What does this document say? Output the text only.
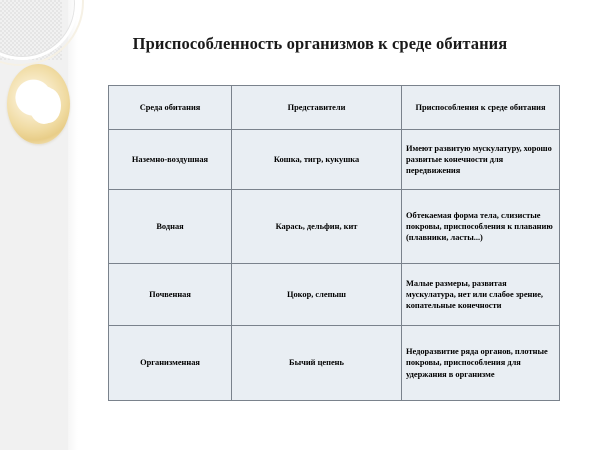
Приспособленность организмов к среде обитания
Среда обитания	Представители	Приспособления к среде обитания
Наземно-воздушная	Кошка, тигр, кукушка	Имеют развитую мускулатуру, хорошо развитые конечности для передвижения
Водная	Карась, дельфин, кит	Обтекаемая форма тела, слизистые покровы, приспособления к плаванию (плавники, ласты...)
Почвенная	Цокор, слепыш	Малые размеры, развитая мускулатура, нет или слабое зрение, копательные конечности
Организменная	Бычий цепень	Недоразвитие ряда органов, плотные покровы, приспособления для удержания в организме
